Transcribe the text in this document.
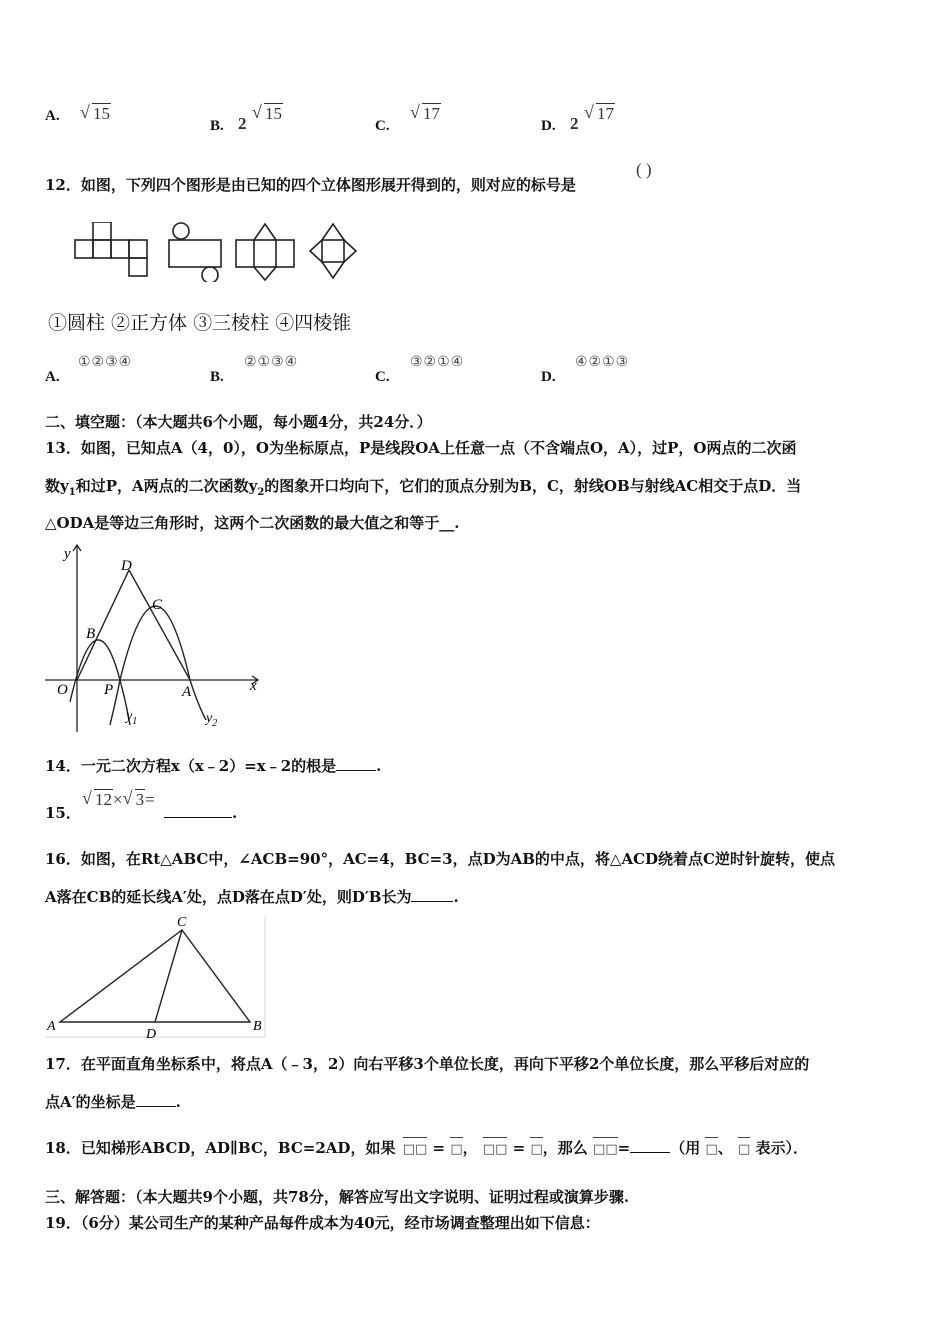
A.	√ 15
B. 2
√ 15
C.
√ 17
D. 2
√ 17
12．如图，下列四个图形是由已知的四个立体图形展开得到的，则对应的标号是
( )
①圆柱 ②正方体 ③三棱柱 ④四棱锥
A.
①②③④
B.
②①③④
C.
③②①④
D.
④②①③
二、填空题：（本大题共6个小题，每小题4分，共24分．）
13．如图，已知点A（4，0），O为坐标原点，P是线段OA上任意一点（不含端点O，A），过P，O两点的二次函
数$y_1$和过P，A两点的二次函数$y_2$的图象开口均向下，它们的顶点分别为B，C，射线OB与射线AC相交于点D．当
△ODA是等边三角形时，这两个二次函数的最大值之和等于__.
y
x
O P	A
B
C
D
$y_1$	$y_2$
14．一元二次方程x（x﹣2）=x﹣2的根是	.
15．
√ 12× √ 3=
.
16．如图，在Rt△ABC中，∠ACB=90°，AC=4，BC=3，点D为AB的中点，将△ACD绕着点C逆时针旋转，使点
A落在CB的延长线A′处，点D落在点D′处，则D′B长为	.
A	B
C
D
17．在平面直角坐标系中，将点A（﹣3，2）向右平移3个单位长度，再向下平移2个单位长度，那么平移后对应的
点A′的坐标是	.
18．已知梯形ABCD，AD∥BC，BC=2AD，如果 □□ = □， □□ = □，那么 □□=	（用 □、 □ 表示）．
三、解答题：（本大题共9个小题，共78分，解答应写出文字说明、证明过程或演算步骤.
19．（6分）某公司生产的某种产品每件成本为40元，经市场调查整理出如下信息：
